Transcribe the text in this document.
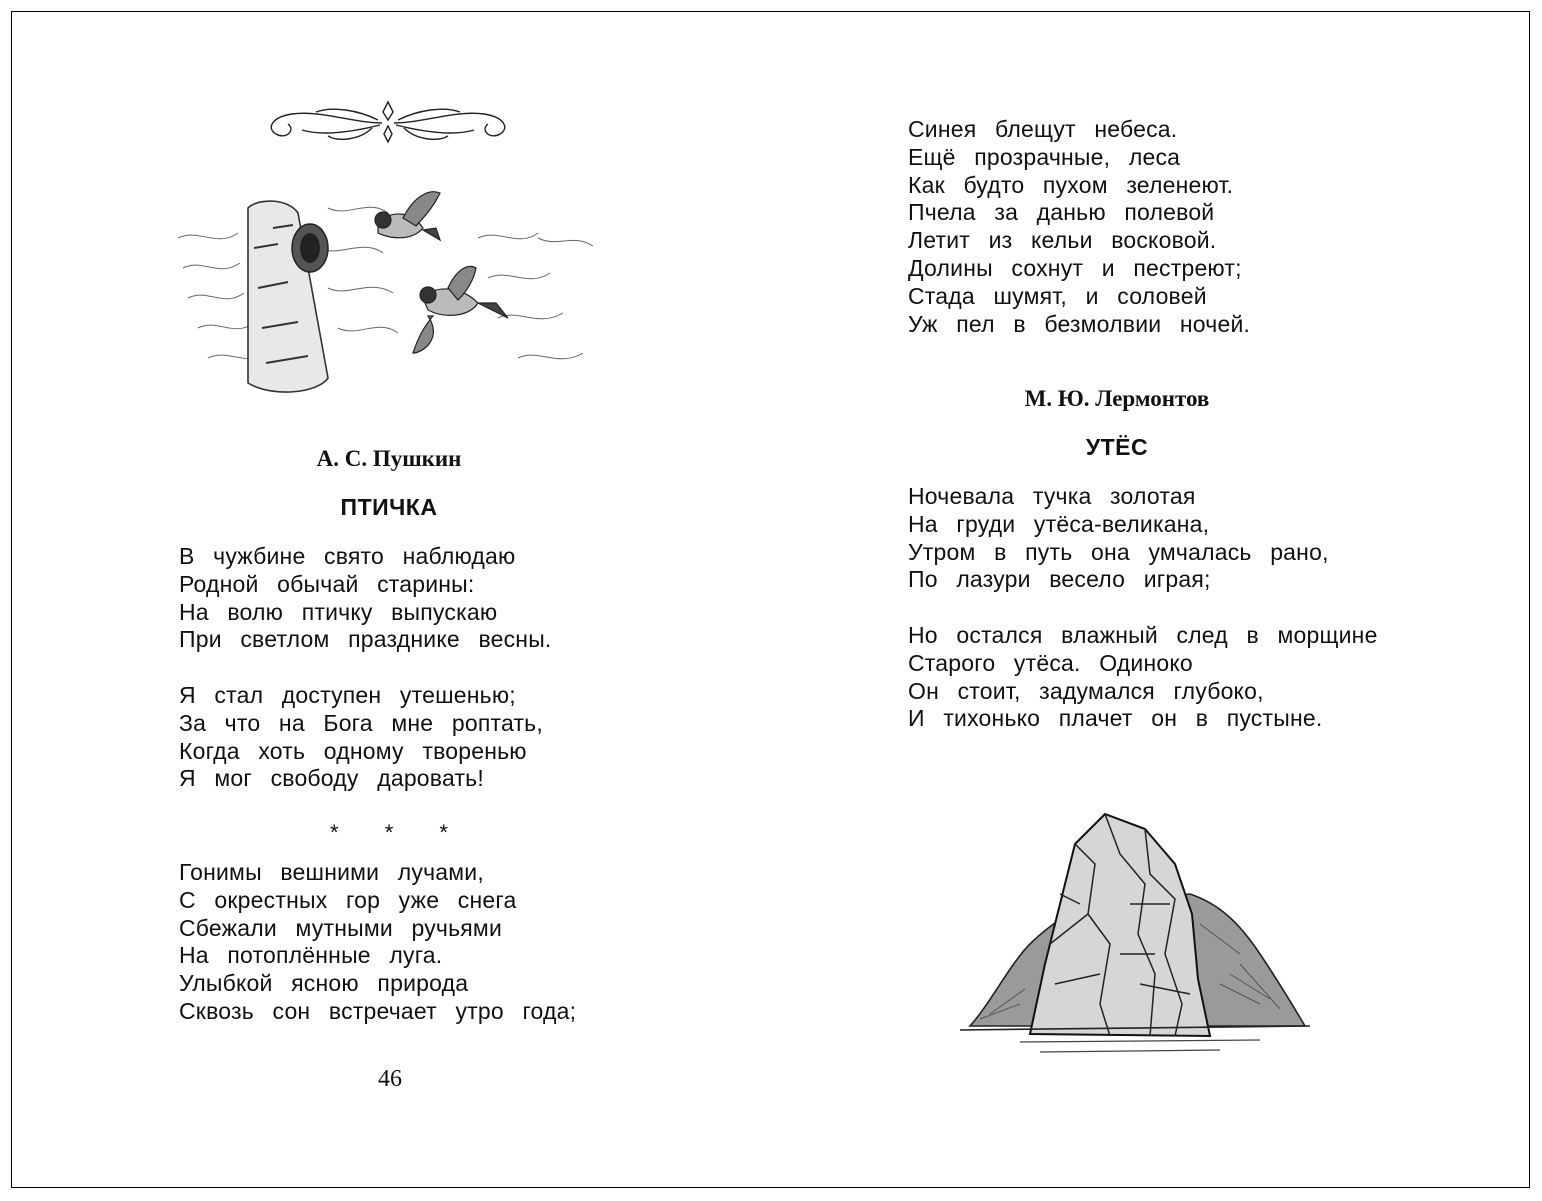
А. С. Пушкин
ПТИЧКА
В чужбине свято наблюдаю
Родной обычай старины:
На волю птичку выпускаю
При светлом празднике весны.
Я стал доступен утешенью;
За что на Бога мне роптать,
Когда хоть одному творенью
Я мог свободу даровать!
* * *
Гонимы вешними лучами,
С окрестных гор уже снега
Сбежали мутными ручьями
На потоплённые луга.
Улыбкой ясною природа
Сквозь сон встречает утро года;
46
Синея блещут небеса.
Ещё прозрачные, леса
Как будто пухом зеленеют.
Пчела за данью полевой
Летит из кельи восковой.
Долины сохнут и пестреют;
Стада шумят, и соловей
Уж пел в безмолвии ночей.
М. Ю. Лермонтов
УТЁС
Ночевала тучка золотая
На груди утёса-великана,
Утром в путь она умчалась рано,
По лазури весело играя;
Но остался влажный след в морщине
Старого утёса. Одиноко
Он стоит, задумался глубоко,
И тихонько плачет он в пустыне.
